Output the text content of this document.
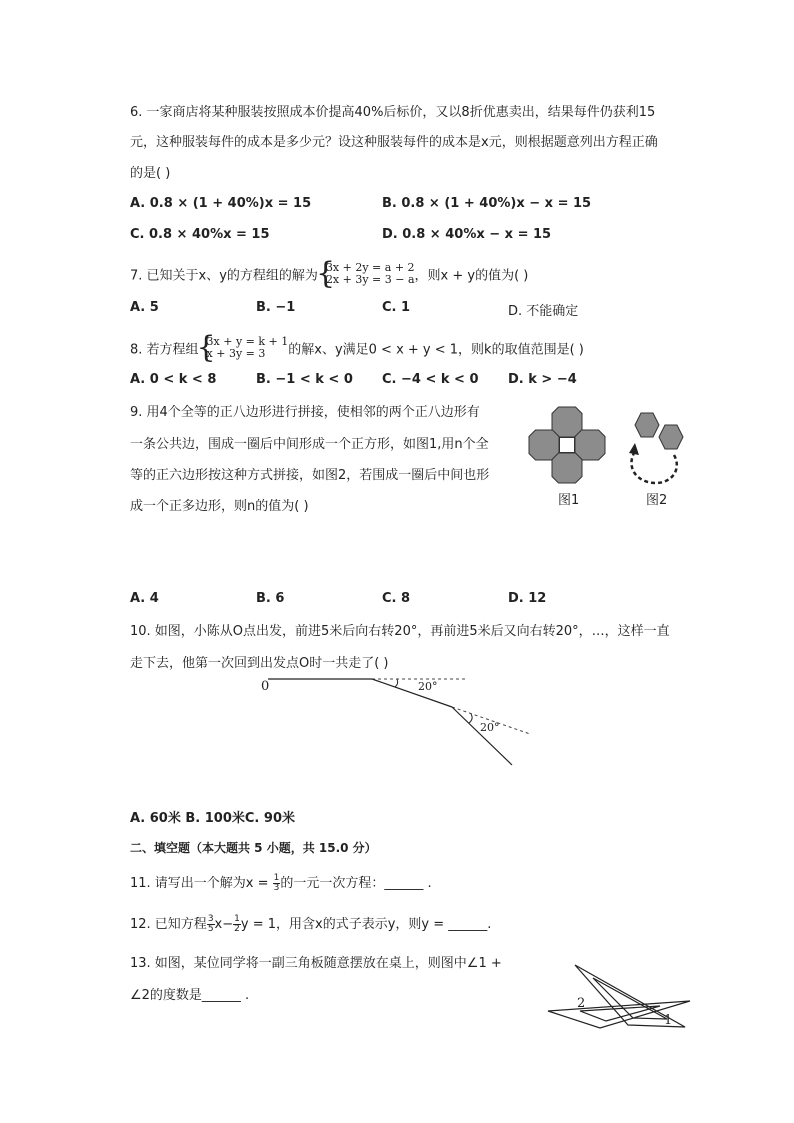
6. 一家商店将某种服装按照成本价提高40%后标价，又以8折优惠卖出，结果每件仍获利15
元，这种服装每件的成本是多少元？设这种服装每件的成本是x元，则根据题意列出方程正确
的是( )
A. 0.8 × (1 + 40%)x = 15	B. 0.8 × (1 + 40%)x − x = 15
C. 0.8 × 40%x = 15	D. 0.8 × 40%x − x = 15
7. 已知关于x、y的方程组的解为
{
3x + 2y = a + 2
2x + 3y = 3 − a ，则x + y的值为( )
A. 5	B. −1	C. 1	D. 不能确定
8. 若方程组
{
3x + y = k + 1
x + 3y = 3	的解x、y满足0 < x + y < 1，则k的取值范围是( )
A. 0 < k < 8	B. −1 < k < 0 C. −4 < k < 0 D. k > −4
9. 用4个全等的正八边形进行拼接，使相邻的两个正八边形有
一条公共边，围成一圈后中间形成一个正方形，如图1,用n个全
等的正六边形按这种方式拼接，如图2，若围成一圈后中间也形
成一个正多边形，则n的值为( )	图1	图2
A. 4	B. 6	C. 8	D. 12
10. 如图，小陈从O点出发，前进5米后向右转20°，再前进5米后又向右转20°，…，这样一直
走下去，他第一次回到出发点O时一共走了( )
0	20°
20°
A. 60米 B. 100米C. 90米
二、填空题（本大题共 5 小题，共 15.0 分）
11. 请写出一个解为$x = \frac{1}{3}$ 的一元一次方程：______ .
12. 已知方程 $\frac{3}{5} x- \frac{1}{2}$ y = 1，用含x的式子表示y，则y = ______.
13. 如图，某位同学将一副三角板随意摆放在桌上，则图中∠1 +
∠2的度数是______ .
2
1
